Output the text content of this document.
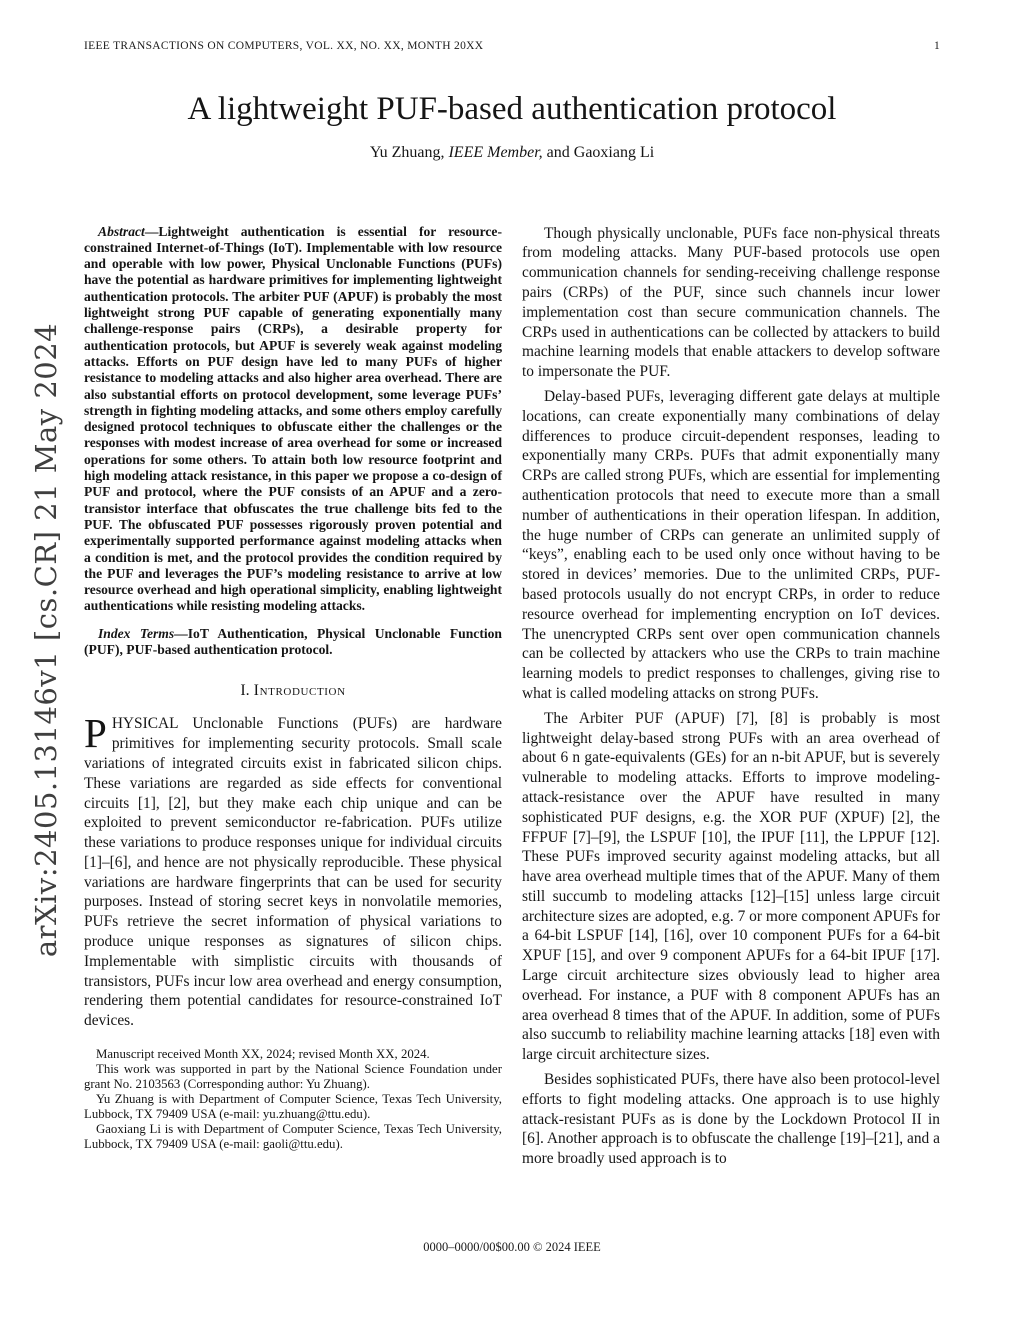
IEEE TRANSACTIONS ON COMPUTERS, VOL. XX, NO. XX, MONTH 20XX	1
arXiv:2405.13146v1 [cs.CR] 21 May 2024
A lightweight PUF-based authentication protocol
Yu Zhuang, IEEE Member, and Gaoxiang Li

Abstract—Lightweight authentication is essential for resource-constrained Internet-of-Things (IoT). Implementable with low resource and operable with low power, Physical Unclonable Functions (PUFs) have the potential as hardware primitives for implementing lightweight authentication protocols. The arbiter PUF (APUF) is probably the most lightweight strong PUF capable of generating exponentially many challenge-response pairs (CRPs), a desirable property for authentication protocols, but APUF is severely weak against modeling attacks. Efforts on PUF design have led to many PUFs of higher resistance to modeling attacks and also higher area overhead. There are also substantial efforts on protocol development, some leverage PUFs’ strength in fighting modeling attacks, and some others employ carefully designed protocol techniques to obfuscate either the challenges or the responses with modest increase of area overhead for some or increased operations for some others. To attain both low resource footprint and high modeling attack resistance, in this paper we propose a co-design of PUF and protocol, where the PUF consists of an APUF and a zero-transistor interface that obfuscates the true challenge bits fed to the PUF. The obfuscated PUF possesses rigorously proven potential and experimentally supported performance against modeling attacks when a condition is met, and the protocol provides the condition required by the PUF and leverages the PUF’s modeling resistance to arrive at low resource overhead and high operational simplicity, enabling lightweight authentications while resisting modeling attacks.

Index Terms—IoT Authentication, Physical Unclonable Function (PUF), PUF-based authentication protocol.

I. Introduction

PHYSICAL Unclonable Functions (PUFs) are hardware primitives for implementing security protocols. Small scale variations of integrated circuits exist in fabricated silicon chips. These variations are regarded as side effects for conventional circuits [1], [2], but they make each chip unique and can be exploited to prevent semiconductor re-fabrication. PUFs utilize these variations to produce responses unique for individual circuits [1]–[6], and hence are not physically reproducible. These physical variations are hardware fingerprints that can be used for security purposes. Instead of storing secret keys in nonvolatile memories, PUFs retrieve the secret information of physical variations to produce unique responses as signatures of silicon chips. Implementable with simplistic circuits with thousands of transistors, PUFs incur low area overhead and energy consumption, rendering them potential candidates for resource-constrained IoT devices.

Manuscript received Month XX, 2024; revised Month XX, 2024.

This work was supported in part by the National Science Foundation under grant No. 2103563 (Corresponding author: Yu Zhuang).

Yu Zhuang is with Department of Computer Science, Texas Tech University, Lubbock, TX 79409 USA (e-mail: yu.zhuang@ttu.edu).

Gaoxiang Li is with Department of Computer Science, Texas Tech University, Lubbock, TX 79409 USA (e-mail: gaoli@ttu.edu).

Though physically unclonable, PUFs face non-physical threats from modeling attacks. Many PUF-based protocols use open communication channels for sending-receiving challenge response pairs (CRPs) of the PUF, since such channels incur lower implementation cost than secure communication channels. The CRPs used in authentications can be collected by attackers to build machine learning models that enable attackers to develop software to impersonate the PUF.

Delay-based PUFs, leveraging different gate delays at multiple locations, can create exponentially many combinations of delay differences to produce circuit-dependent responses, leading to exponentially many CRPs. PUFs that admit exponentially many CRPs are called strong PUFs, which are essential for implementing authentication protocols that need to execute more than a small number of authentications in their operation lifespan. In addition, the huge number of CRPs can generate an unlimited supply of “keys”, enabling each to be used only once without having to be stored in devices’ memories. Due to the unlimited CRPs, PUF-based protocols usually do not encrypt CRPs, in order to reduce resource overhead for implementing encryption on IoT devices. The unencrypted CRPs sent over open communication channels can be collected by attackers who use the CRPs to train machine learning models to predict responses to challenges, giving rise to what is called modeling attacks on strong PUFs.

The Arbiter PUF (APUF) [7], [8] is probably is most lightweight delay-based strong PUFs with an area overhead of about 6 n gate-equivalents (GEs) for an n-bit APUF, but is severely vulnerable to modeling attacks. Efforts to improve modeling-attack-resistance over the APUF have resulted in many sophisticated PUF designs, e.g. the XOR PUF (XPUF) [2], the FFPUF [7]–[9], the LSPUF [10], the IPUF [11], the LPPUF [12]. These PUFs improved security against modeling attacks, but all have area overhead multiple times that of the APUF. Many of them still succumb to modeling attacks [12]–[15] unless large circuit architecture sizes are adopted, e.g. 7 or more component APUFs for a 64-bit LSPUF [14], [16], over 10 component PUFs for a 64-bit XPUF [15], and over 9 component APUFs for a 64-bit IPUF [17]. Large circuit architecture sizes obviously lead to higher area overhead. For instance, a PUF with 8 component APUFs has an area overhead 8 times that of the APUF. In addition, some of PUFs also succumb to reliability machine learning attacks [18] even with large circuit architecture sizes.

Besides sophisticated PUFs, there have also been protocol-level efforts to fight modeling attacks. One approach is to use highly attack-resistant PUFs as is done by the Lockdown Protocol II in [6]. Another approach is to obfuscate the challenge [19]–[21], and a more broadly used approach is to

0000–0000/00$00.00 © 2024 IEEE
